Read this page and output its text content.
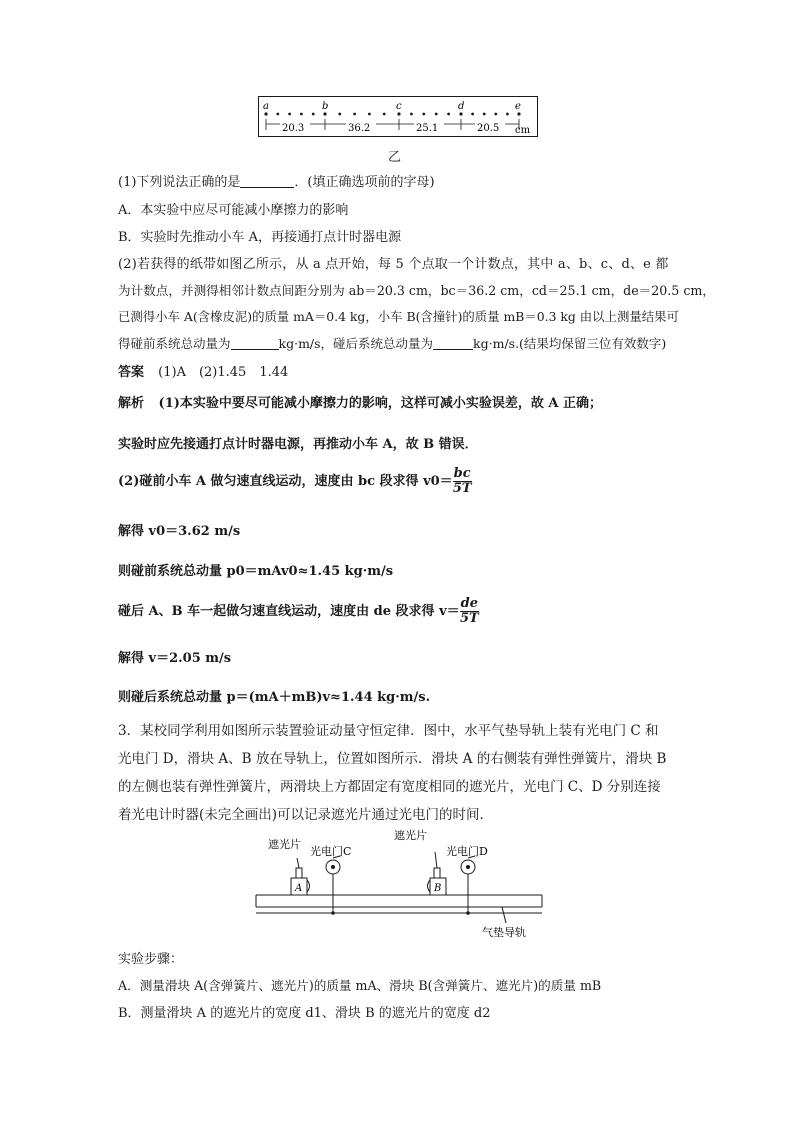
a	b	c	d	e
20.3	36.2	25.1	20.5 cm
乙
(1)下列说法正确的是	．(填正确选项前的字母)
A．本实验中应尽可能减小摩擦力的影响
B．实验时先推动小车 A，再接通打点计时器电源
(2)若获得的纸带如图乙所示，从 a 点开始，每 5 个点取一个计数点，其中 a、b、c、d、e 都
为计数点，并测得相邻计数点间距分别为 ab＝20.3 cm，bc＝36.2 cm，cd＝25.1 cm，de＝20.5 cm，
已测得小车 A(含橡皮泥)的质量 mA＝0.4 kg，小车 B(含撞针)的质量 mB＝0.3 kg 由以上测量结果可
得碰前系统总动量为	kg·m/s，碰后系统总动量为	kg·m/s.(结果均保留三位有效数字)
答案 (1)A　(2)1.45　1.44
解析 (1)本实验中要尽可能减小摩擦力的影响，这样可减小实验误差，故 A 正确；
实验时应先接通打点计时器电源，再推动小车 A，故 B 错误．
(2)碰前小车 A 做匀速直线运动，速度由 bc 段求得 $v0= \frac{bc}{5T}$
解得 v0＝3.62 m/s
则碰前系统总动量 p0＝mAv0≈1.45 kg·m/s
碰后 A、B 车一起做匀速直线运动，速度由 de 段求得 $v= \frac{de}{5T}$
解得 v＝2.05 m/s
则碰后系统总动量 p＝(mA＋mB)v≈1.44 kg·m/s.
3．某校同学利用如图所示装置验证动量守恒定律．图中，水平气垫导轨上装有光电门 C 和
光电门 D，滑块 A、B 放在导轨上，位置如图所示．滑块 A 的右侧装有弹性弹簧片，滑块 B
的左侧也装有弹性弹簧片，两滑块上方都固定有宽度相同的遮光片，光电门 C、D 分别连接
着光电计时器(未完全画出)可以记录遮光片通过光电门的时间．
遮光片
光电门C
遮光片
光电门D
A	B
气垫导轨
实验步骤：
A．测量滑块 A(含弹簧片、遮光片)的质量 mA、滑块 B(含弹簧片、遮光片)的质量 mB
B．测量滑块 A 的遮光片的宽度 d1、滑块 B 的遮光片的宽度 d2
